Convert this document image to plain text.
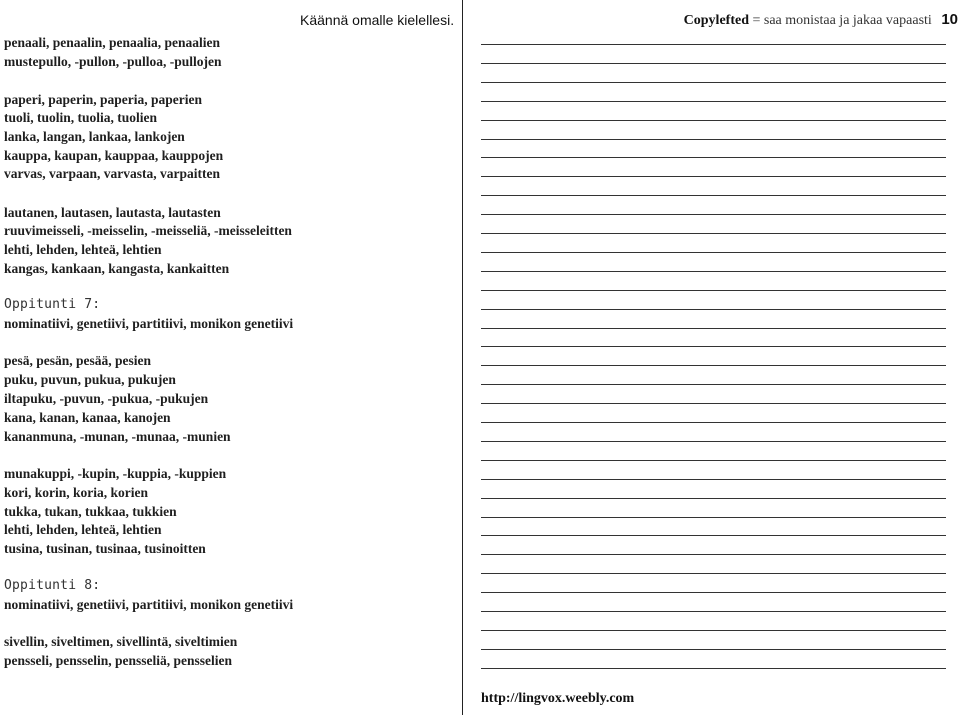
penaali, penaalin, penaalia, penaalien
mustepullo, -pullon, -pulloa, -pullojen
paperi, paperin, paperia, paperien
tuoli, tuolin, tuolia, tuolien
lanka, langan, lankaa, lankojen
kauppa, kaupan, kauppaa, kauppojen
varvas, varpaan, varvasta, varpaitten
lautanen, lautasen, lautasta, lautasten
ruuvimeisseli, -meisselin, -meisseliä, -meisseleitten
lehti, lehden, lehteä, lehtien
kangas, kankaan, kangasta, kankaitten
Oppitunti 7:
nominatiivi, genetiivi, partitiivi, monikon genetiivi
pesä, pesän, pesää, pesien
puku, puvun, pukua, pukujen
iltapuku, -puvun, -pukua, -pukujen
kana, kanan, kanaa, kanojen
kananmuna, -munan, -munaa, -munien
munakuppi, -kupin, -kuppia, -kuppien
kori, korin, koria, korien
tukka, tukan, tukkaa, tukkien
lehti, lehden, lehteä, lehtien
tusina, tusinan, tusinaa, tusinoitten
Oppitunti 8:
nominatiivi, genetiivi, partitiivi, monikon genetiivi
sivellin, siveltimen, sivellintä, siveltimien
pensseli, pensselin, pensseliä, pensselien
Käännä omalle kielellesi.	Copylefted = saa monistaa ja jakaa vapaasti 10
http://lingvox.weebly.com
